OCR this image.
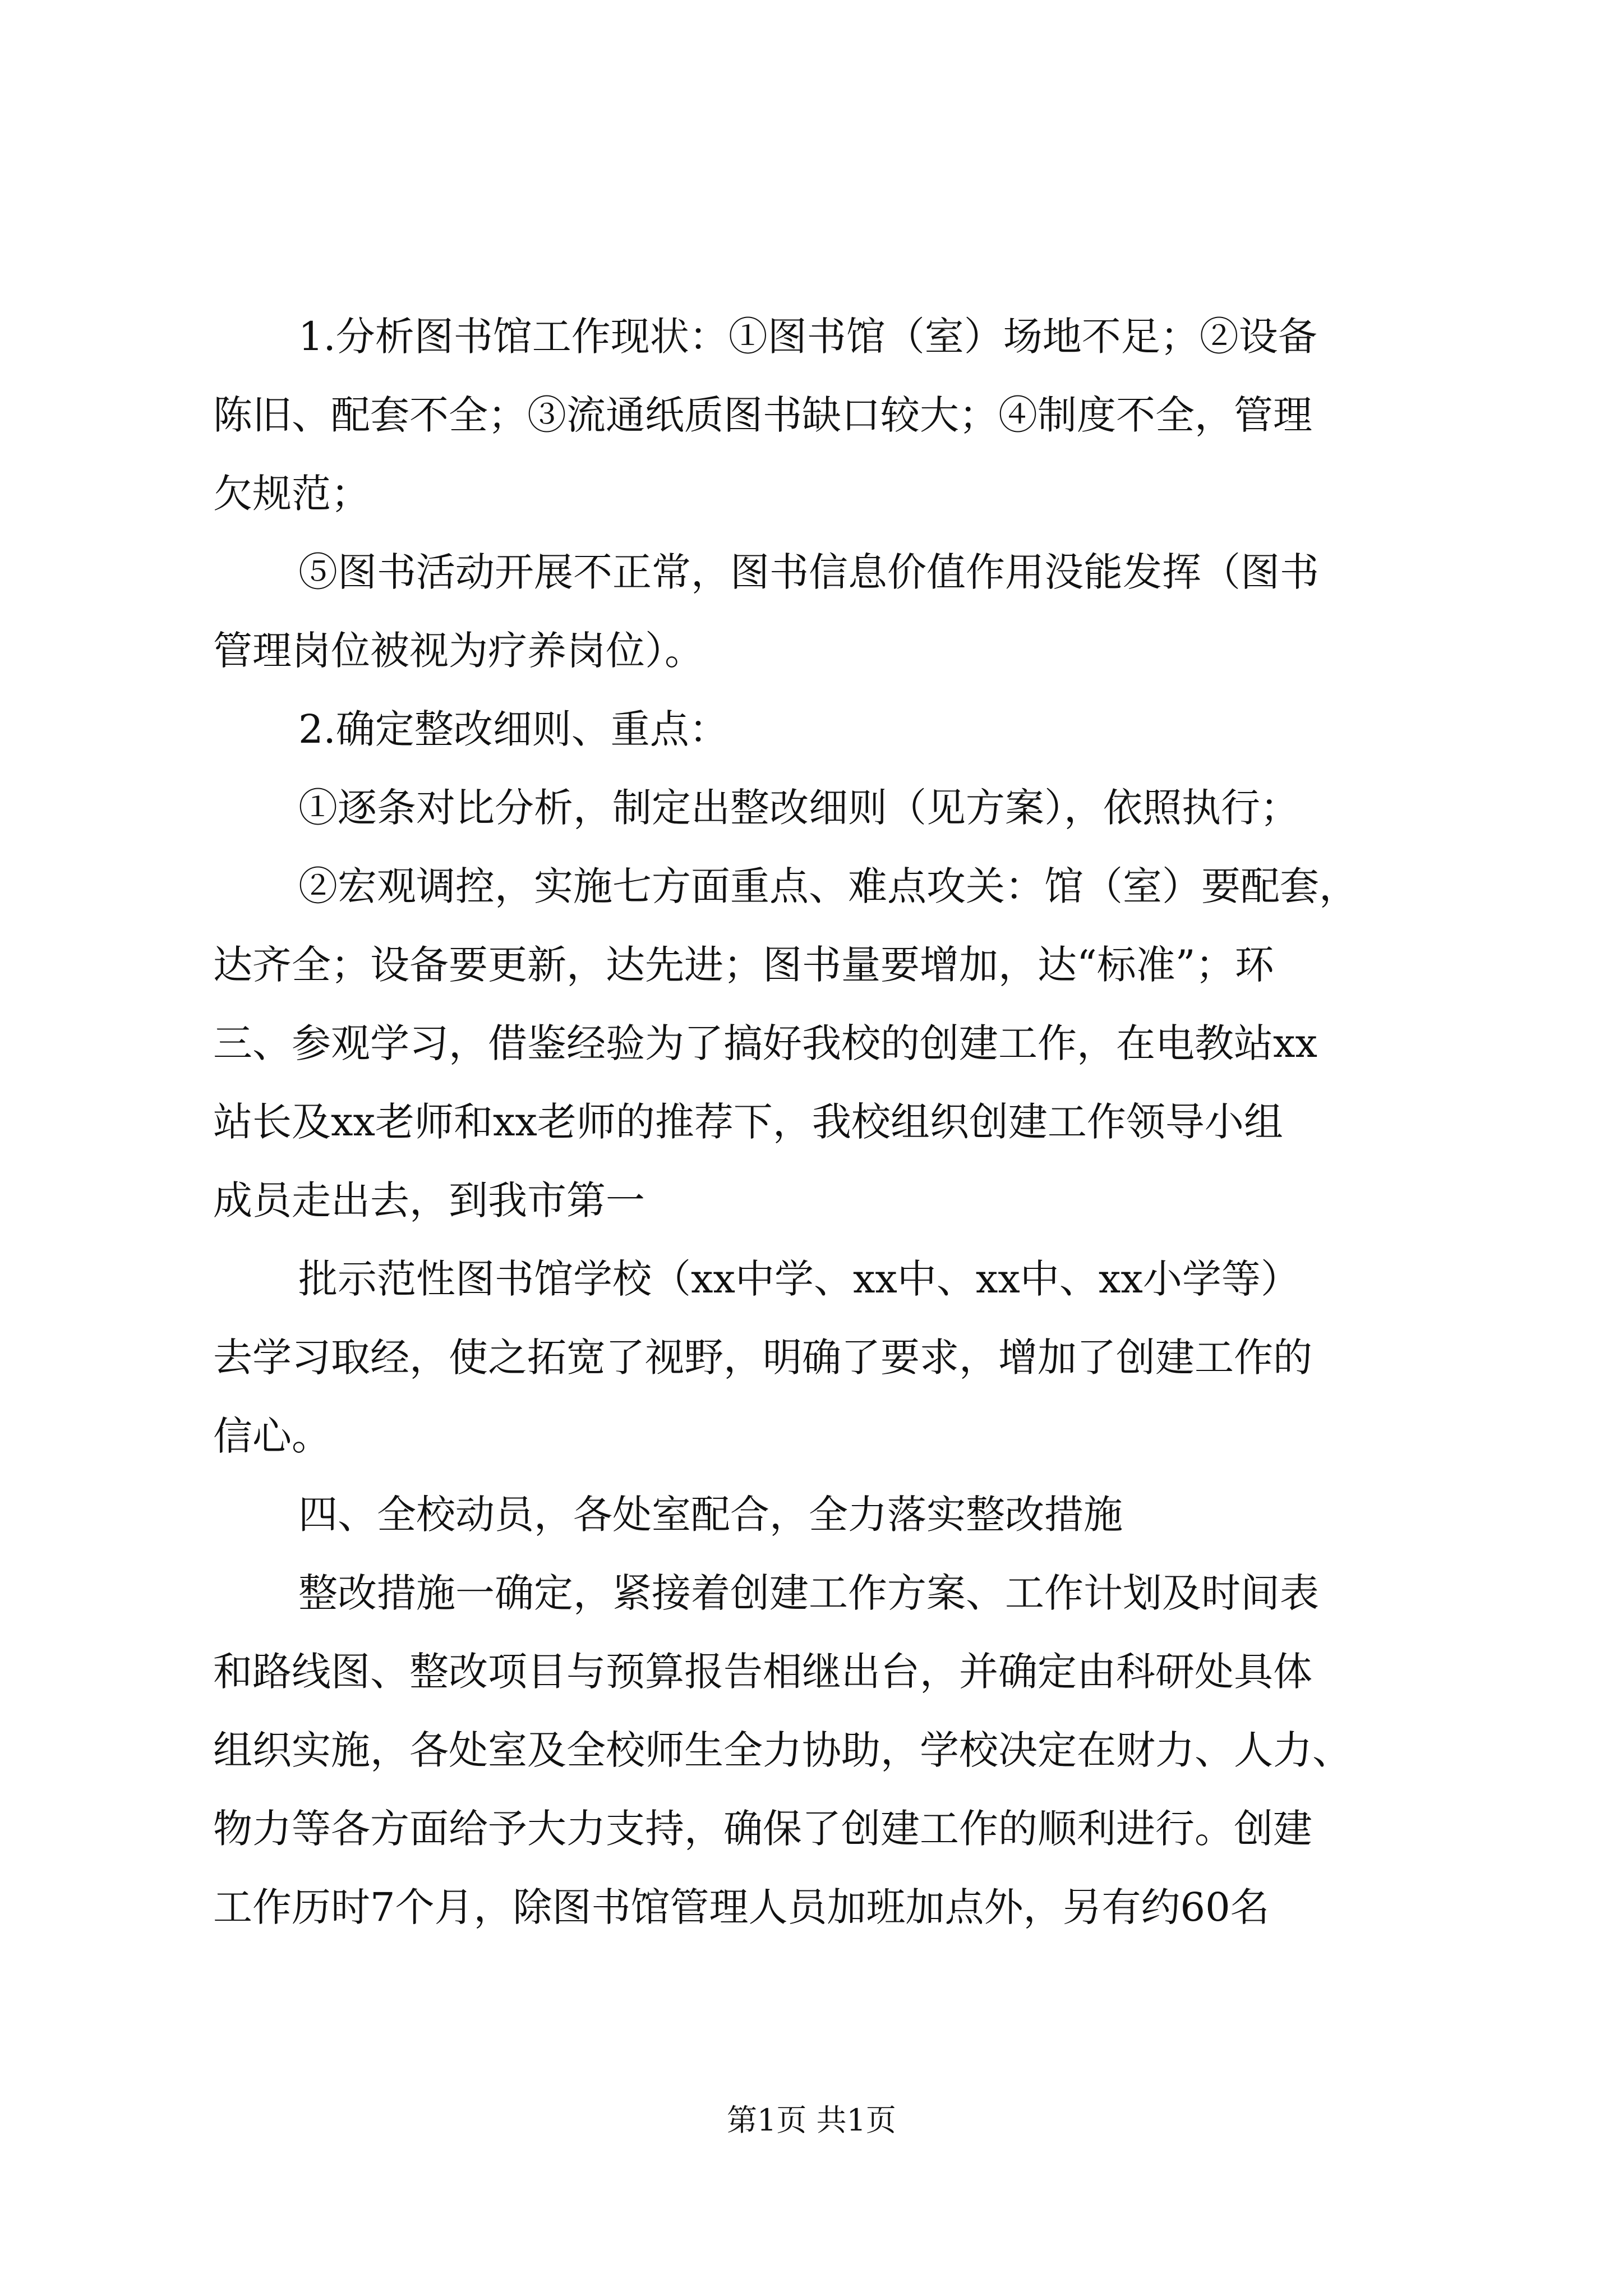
1.分析图书馆工作现状：①图书馆（室）场地不足；②设备
陈旧、配套不全；③流通纸质图书缺口较大；④制度不全，管理
欠规范；
⑤图书活动开展不正常，图书信息价值作用没能发挥（图书
管理岗位被视为疗养岗位）。
2.确定整改细则、重点：
①逐条对比分析，制定出整改细则（见方案），依照执行；
②宏观调控，实施七方面重点、难点攻关：馆（室）要配套，
达齐全；设备要更新，达先进；图书量要增加，达“标准”；环
三、参观学习，借鉴经验为了搞好我校的创建工作，在电教站xx
站长及xx老师和xx老师的推荐下，我校组织创建工作领导小组
成员走出去，到我市第一
批示范性图书馆学校（xx中学、xx中、xx中、xx小学等）
去学习取经，使之拓宽了视野，明确了要求，增加了创建工作的
信心。
四、全校动员，各处室配合，全力落实整改措施
整改措施一确定，紧接着创建工作方案、工作计划及时间表
和路线图、整改项目与预算报告相继出台，并确定由科研处具体
组织实施，各处室及全校师生全力协助，学校决定在财力、人力、
物力等各方面给予大力支持，确保了创建工作的顺利进行。创建
工作历时7个月，除图书馆管理人员加班加点外，另有约60名
第1页 共1页
